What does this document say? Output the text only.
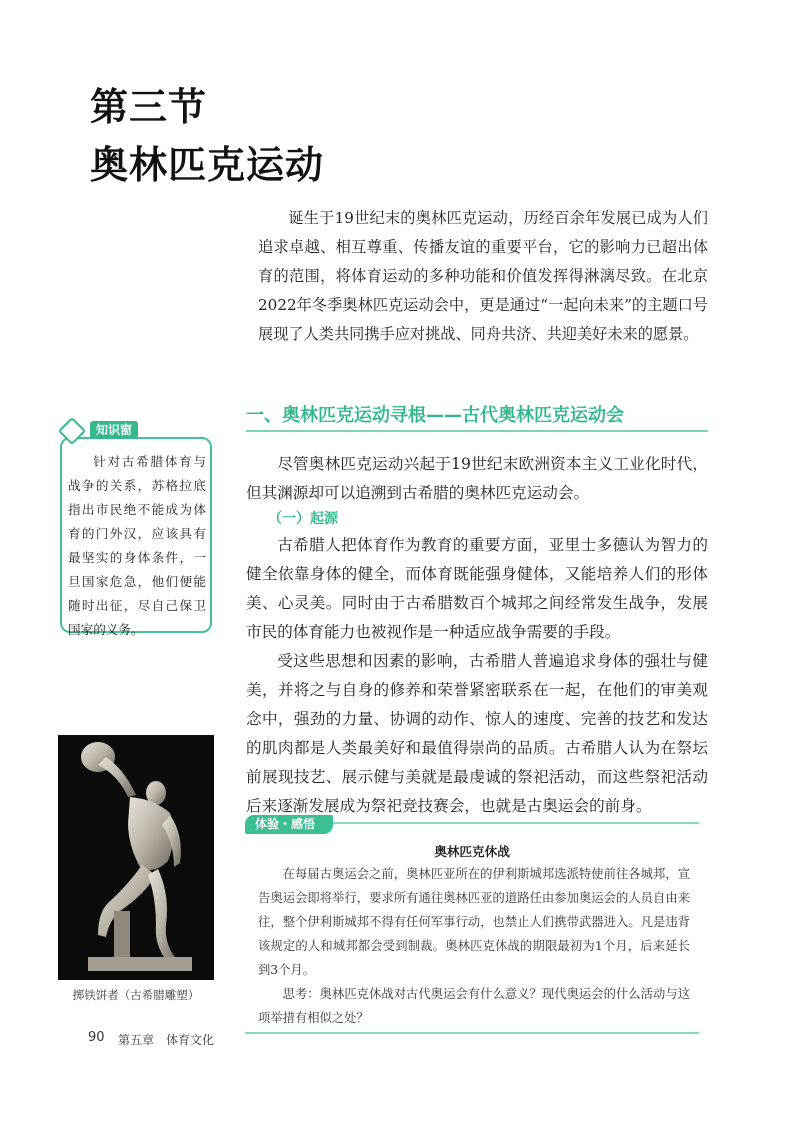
第三节
奥林匹克运动
诞生于19世纪末的奥林匹克运动，历经百余年发展已成为人们追求卓越、相互尊重、传播友谊的重要平台，它的影响力已超出体育的范围，将体育运动的多种功能和价值发挥得淋漓尽致。在北京2022年冬季奥林匹克运动会中，更是通过“一起向未来”的主题口号展现了人类共同携手应对挑战、同舟共济、共迎美好未来的愿景。
一、奥林匹克运动寻根——古代奥林匹克运动会
尽管奥林匹克运动兴起于19世纪末欧洲资本主义工业化时代，但其渊源却可以追溯到古希腊的奥林匹克运动会。
（一）起源
古希腊人把体育作为教育的重要方面，亚里士多德认为智力的健全依靠身体的健全，而体育既能强身健体，又能培养人们的形体美、心灵美。同时由于古希腊数百个城邦之间经常发生战争，发展市民的体育能力也被视作是一种适应战争需要的手段。
受这些思想和因素的影响，古希腊人普遍追求身体的强壮与健美，并将之与自身的修养和荣誉紧密联系在一起，在他们的审美观念中，强劲的力量、协调的动作、惊人的速度、完善的技艺和发达的肌肉都是人类最美好和最值得崇尚的品质。古希腊人认为在祭坛前展现技艺、展示健与美就是最虔诚的祭祀活动，而这些祭祀活动后来逐渐发展成为祭祀竞技赛会，也就是古奥运会的前身。
知识窗
针对古希腊体育与战争的关系，苏格拉底指出市民绝不能成为体育的门外汉，应该具有最坚实的身体条件，一旦国家危急，他们便能随时出征，尽自己保卫国家的义务。
掷铁饼者（古希腊雕塑）
体验・感悟
奥林匹克休战
在每届古奥运会之前，奥林匹亚所在的伊利斯城邦选派特使前往各城邦，宣告奥运会即将举行，要求所有通往奥林匹亚的道路任由参加奥运会的人员自由来往，整个伊利斯城邦不得有任何军事行动，也禁止人们携带武器进入。凡是违背该规定的人和城邦都会受到制裁。奥林匹克休战的期限最初为1个月，后来延长到3个月。
思考：奥林匹克休战对古代奥运会有什么意义？现代奥运会的什么活动与这项举措有相似之处？
90 第五章　体育文化
